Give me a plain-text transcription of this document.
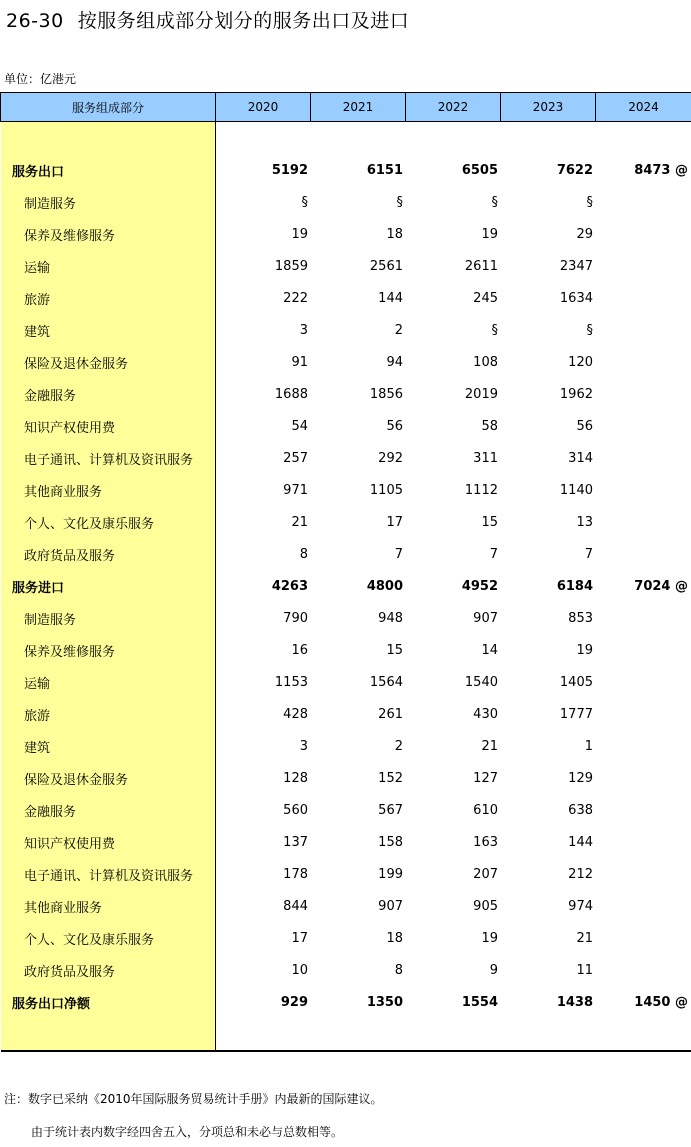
26-30 按服务组成部分划分的服务出口及进口
单位：亿港元
服务组成部分	2020	2021	2022	2023	2024
服务出口	5192	6151	6505	7622	8473 @
制造服务	§	§	§	§
保养及维修服务	19	18	19	29
运输	1859	2561	2611	2347
旅游	222	144	245	1634
建筑	3	2	§	§
保险及退休金服务	91	94	108	120
金融服务	1688	1856	2019	1962
知识产权使用费	54	56	58	56
电子通讯、计算机及资讯服务	257	292	311	314
其他商业服务	971	1105	1112	1140
个人、文化及康乐服务	21	17	15	13
政府货品及服务	8	7	7	7
服务进口	4263	4800	4952	6184	7024 @
制造服务	790	948	907	853
保养及维修服务	16	15	14	19
运输	1153	1564	1540	1405
旅游	428	261	430	1777
建筑	3	2	21	1
保险及退休金服务	128	152	127	129
金融服务	560	567	610	638
知识产权使用费	137	158	163	144
电子通讯、计算机及资讯服务	178	199	207	212
其他商业服务	844	907	905	974
个人、文化及康乐服务	17	18	19	21
政府货品及服务	10	8	9	11
服务出口净额	929	1350	1554	1438	1450 @
注：数字已采纳《2010年国际服务贸易统计手册》内最新的国际建议。
由于统计表内数字经四舍五入，分项总和未必与总数相等。
